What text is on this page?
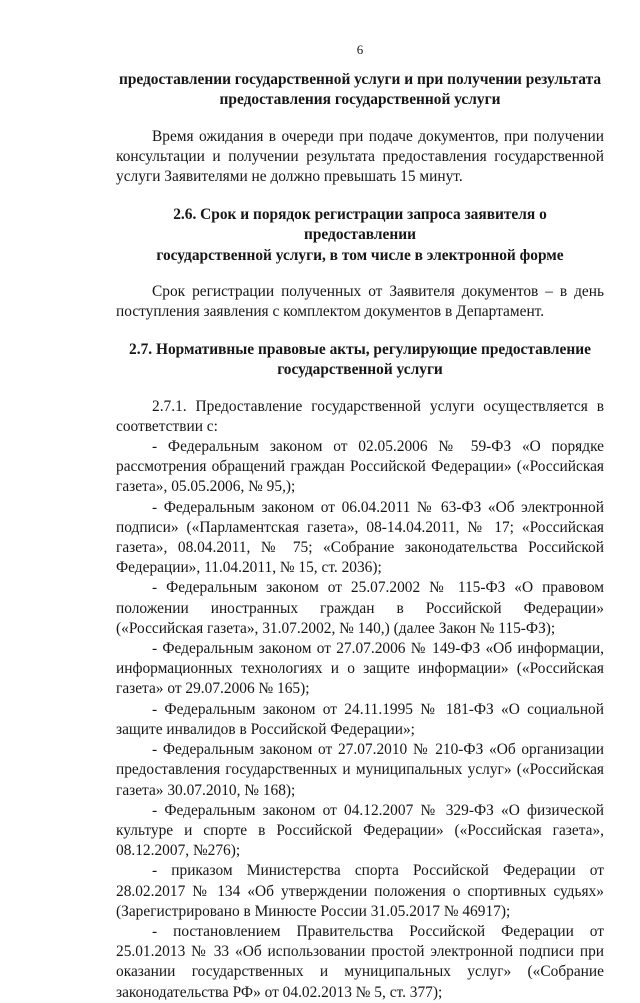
6

предоставлении государственной услуги и при получении результата

предоставления государственной услуги

Время ожидания в очереди при подаче документов, при получении консультации и получении результата предоставления государственной услуги Заявителями не должно превышать 15 минут.

2.6. Срок и порядок регистрации запроса заявителя о предоставлении

государственной услуги, в том числе в электронной форме

Срок регистрации полученных от Заявителя документов – в день поступления заявления с комплектом документов в Департамент.

2.7. Нормативные правовые акты, регулирующие предоставление

государственной услуги

2.7.1. Предоставление государственной услуги осуществляется в соответствии с:

- Федеральным законом от 02.05.2006 № 59-ФЗ «О порядке рассмотрения обращений граждан Российской Федерации» («Российская газета», 05.05.2006, № 95,);

- Федеральным законом от 06.04.2011 № 63-ФЗ «Об электронной подписи» («Парламентская газета», 08-14.04.2011, № 17; «Российская газета», 08.04.2011, № 75; «Собрание законодательства Российской Федерации», 11.04.2011, № 15, ст. 2036);

- Федеральным законом от 25.07.2002 № 115-ФЗ «О правовом положении иностранных граждан в Российской Федерации» («Российская газета», 31.07.2002, № 140,) (далее Закон № 115-ФЗ);

- Федеральным законом от 27.07.2006 № 149-ФЗ «Об информации, информационных технологиях и о защите информации» («Российская газета» от 29.07.2006 № 165);

- Федеральным законом от 24.11.1995 № 181-ФЗ «О социальной защите инвалидов в Российской Федерации»;

- Федеральным законом от 27.07.2010 № 210-ФЗ «Об организации предоставления государственных и муниципальных услуг» («Российская газета» 30.07.2010, № 168);

- Федеральным законом от 04.12.2007 № 329-ФЗ «О физической культуре и спорте в Российской Федерации» («Российская газета», 08.12.2007, №276);

- приказом Министерства спорта Российской Федерации от 28.02.2017 № 134 «Об утверждении положения о спортивных судьях» (Зарегистрировано в Минюсте России 31.05.2017 № 46917);

- постановлением Правительства Российской Федерации от 25.01.2013 № 33 «Об использовании простой электронной подписи при оказании государственных и муниципальных услуг» («Собрание законодательства РФ» от 04.02.2013 № 5, ст. 377);
